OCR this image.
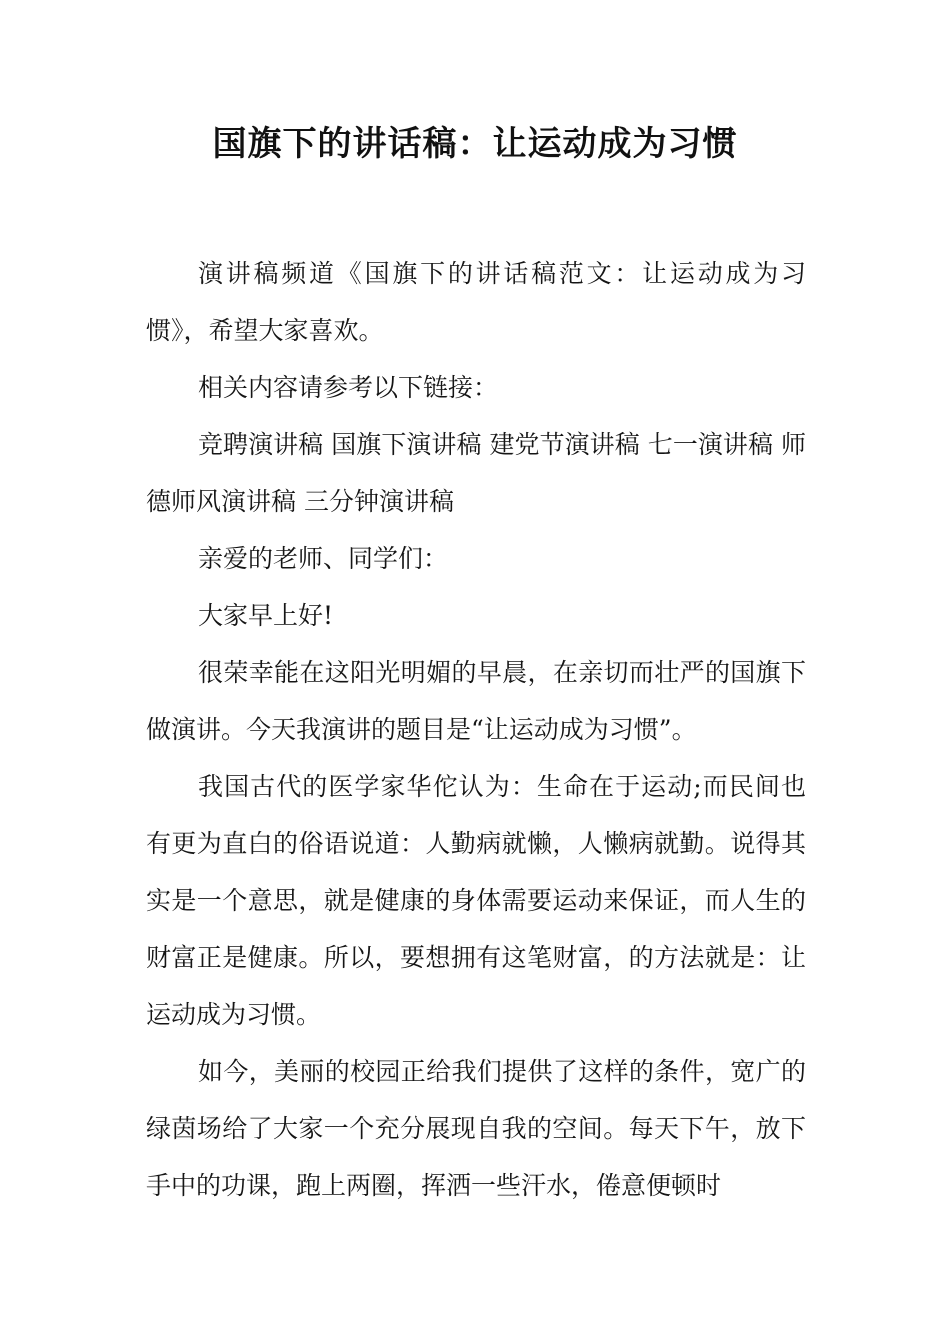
国旗下的讲话稿：让运动成为习惯

演讲稿频道《国旗下的讲话稿范文：让运动成为习惯》，希望大家喜欢。

相关内容请参考以下链接：

竞聘演讲稿 国旗下演讲稿 建党节演讲稿 七一演讲稿 师德师风演讲稿 三分钟演讲稿

亲爱的老师、同学们：

大家早上好!

很荣幸能在这阳光明媚的早晨，在亲切而壮严的国旗下做演讲。今天我演讲的题目是“让运动成为习惯”。

我国古代的医学家华佗认为：生命在于运动;而民间也有更为直白的俗语说道：人勤病就懒，人懒病就勤。说得其实是一个意思，就是健康的身体需要运动来保证，而人生的财富正是健康。所以，要想拥有这笔财富，的方法就是：让运动成为习惯。

如今，美丽的校园正给我们提供了这样的条件，宽广的绿茵场给了大家一个充分展现自我的空间。每天下午，放下手中的功课，跑上两圈，挥洒一些汗水，倦意便顿时
